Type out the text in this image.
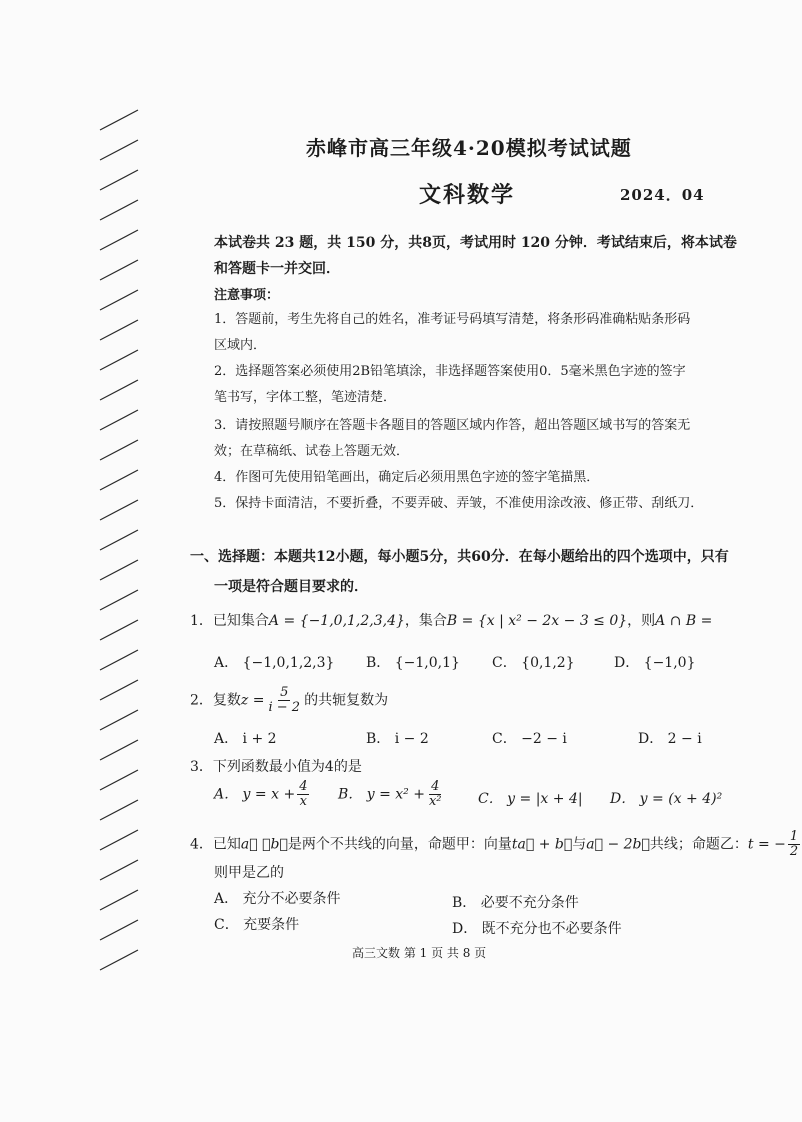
赤峰市高三年级4·20模拟考试试题
文科数学	2024．04
本试卷共 23 题，共 150 分，共8页，考试用时 120 分钟．考试结束后，将本试卷
和答题卡一并交回．
注意事项：
1．答题前，考生先将自己的姓名，准考证号码填写清楚，将条形码准确粘贴条形码
区域内．
2．选择题答案必须使用2B铅笔填涂，非选择题答案使用0．5毫米黑色字迹的签字
笔书写，字体工整，笔迹清楚．
3．请按照题号顺序在答题卡各题目的答题区域内作答，超出答题区域书写的答案无
效；在草稿纸、试卷上答题无效．
4．作图可先使用铅笔画出，确定后必须用黑色字迹的签字笔描黑．
5．保持卡面清洁，不要折叠，不要弄破、弄皱，不准使用涂改液、修正带、刮纸刀．
一、选择题：本题共12小题，每小题5分，共60分．在每小题给出的四个选项中，只有
一项是符合题目要求的．
1．已知集合A = {−1,0,1,2,3,4}，集合B = {x | x² − 2x − 3 ≤ 0}，则A ∩ B =
A． {−1,0,1,2,3} B． {−1,0,1} C． {0,1,2}	D． {−1,0}
2．复数$z = \frac{5}{i - 2}$ 的共轭复数为
A． i + 2	B． i − 2	C． −2 − i	D． 2 − i
3．下列函数最小值为4的是
A． $y = x + \frac{4}{x}$ B． $y = x^2 + \frac{4}{\text{x²}}$ C． y = |x + 4| D． y = (x + 4)²
4．已知a⃗ ，b⃗是两个不共线的向量，命题甲：向量ta⃗ + b⃗与a⃗ − 2b⃗共线；命题乙：t = − $\frac{1}{2}$
则甲是乙的
A． 充分不必要条件	B． 必要不充分条件
C． 充要条件	D． 既不充分也不必要条件
高三文数 第 1 页 共 8 页
